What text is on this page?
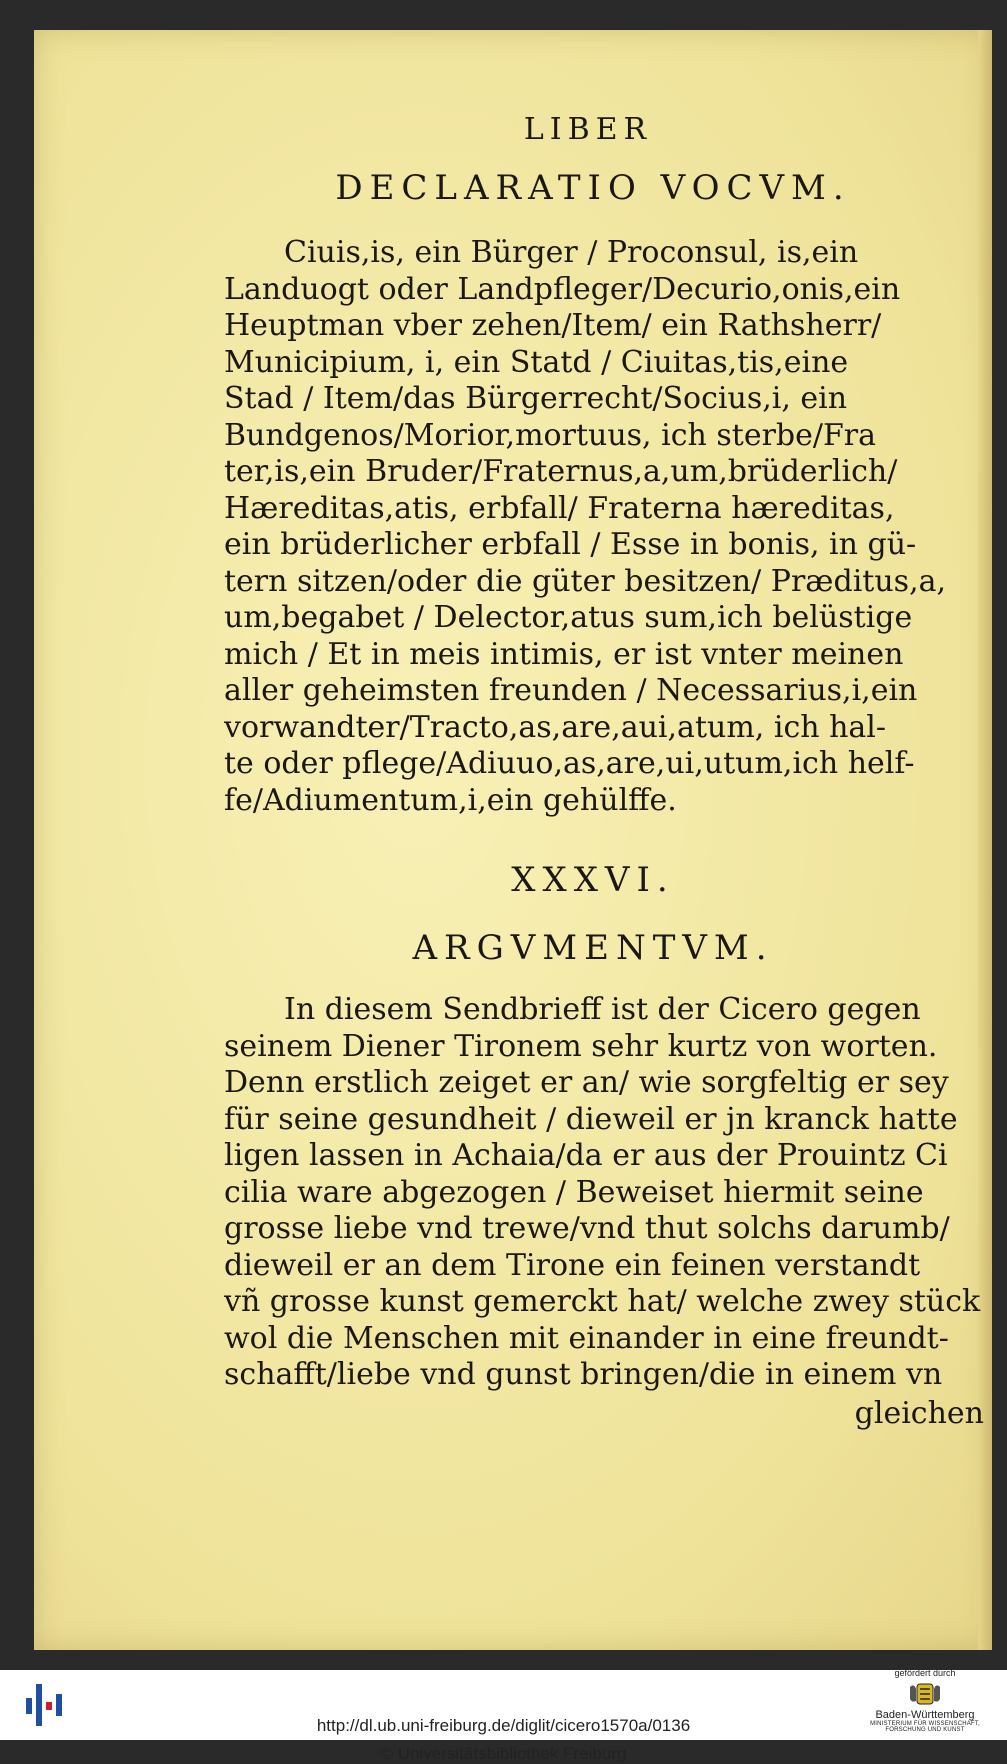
LIBER
DECLARATIO VOCVM.
Ciuis,is, ein Bürger / Proconsul, is,ein
Landuogt oder Landpfleger/Decurio,onis,ein
Heuptman vber zehen/Item/ ein Rathsherr/
Municipium, i, ein Statd / Ciuitas,tis,eine
Stad / Item/das Bürgerrecht/Socius,i, ein
Bundgenos/Morior,mortuus, ich sterbe/Fra
ter,is,ein Bruder/Fraternus,a,um,brüderlich/
Hæreditas,atis, erbfall/ Fraterna hæreditas,
ein brüderlicher erbfall / Esse in bonis, in gü-
tern sitzen/oder die güter besitzen/ Præditus,a,
um,begabet / Delector,atus sum,ich belüstige
mich / Et in meis intimis, er ist vnter meinen
aller geheimsten freunden / Necessarius,i,ein
vorwandter/Tracto,as,are,aui,atum, ich hal-
te oder pflege/Adiuuo,as,are,ui,utum,ich helf-
fe/Adiumentum,i,ein gehülffe.
XXXVI.
ARGVMENTVM.
In diesem Sendbrieff ist der Cicero gegen
seinem Diener Tironem sehr kurtz von worten.
Denn erstlich zeiget er an/ wie sorgfeltig er sey
für seine gesundheit / dieweil er jn kranck hatte
ligen lassen in Achaia/da er aus der Prouintz Ci
cilia ware abgezogen / Beweiset hiermit seine
grosse liebe vnd trewe/vnd thut solchs darumb/
dieweil er an dem Tirone ein feinen verstandt
vñ grosse kunst gemerckt hat/ welche zwey stück
wol die Menschen mit einander in eine freundt-
schafft/liebe vnd gunst bringen/die in einem vn
gleichen
http://dl.ub.uni-freiburg.de/diglit/cicero1570a/0136
© Universitätsbibliothek Freiburg
gefördert durch
Baden-Württemberg
MINISTERIUM FÜR WISSENSCHAFT, FORSCHUNG UND KUNST
